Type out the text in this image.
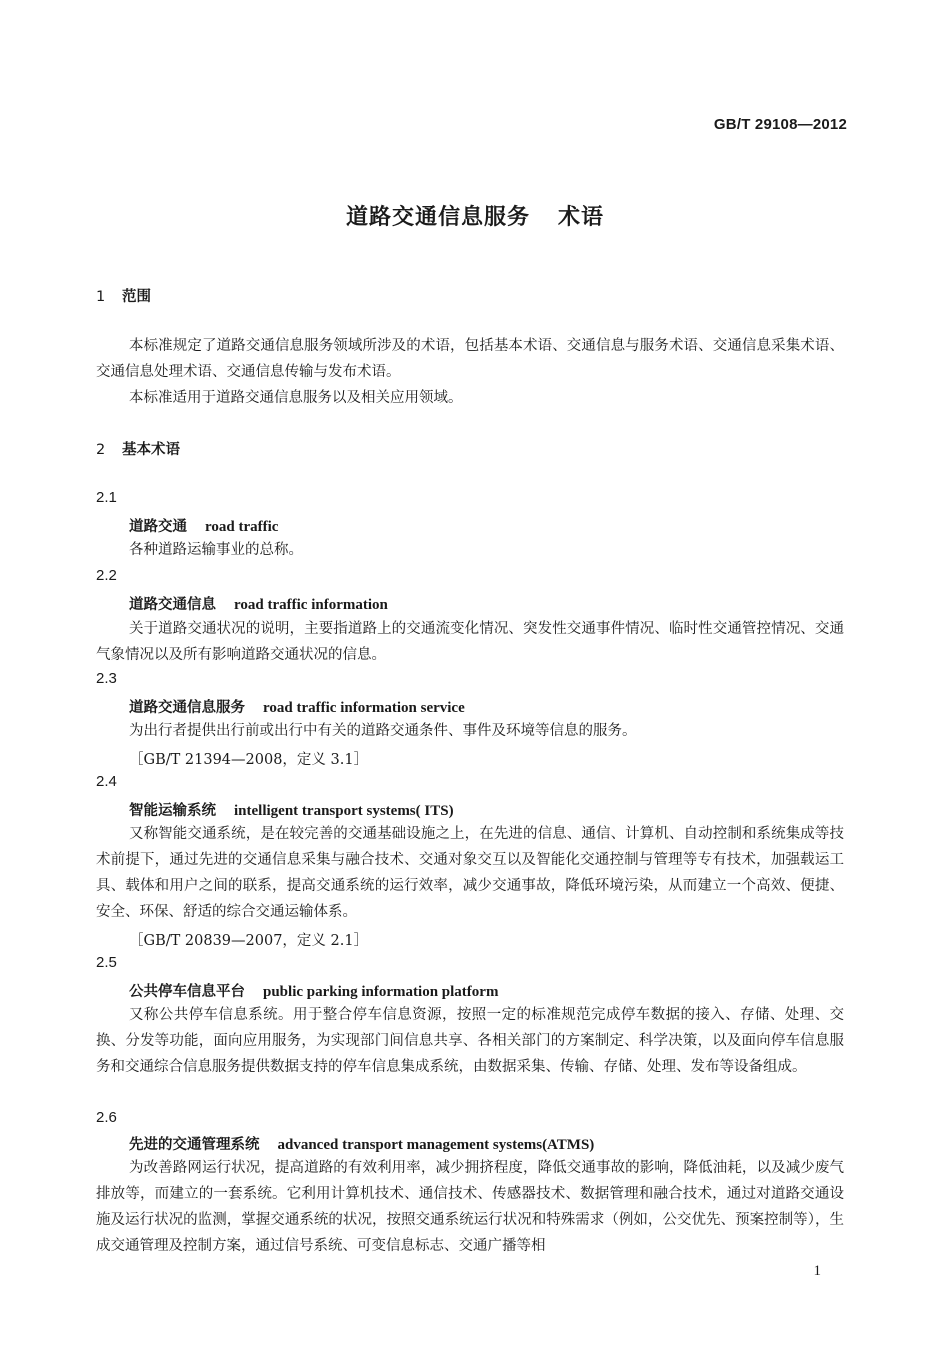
GB/T 29108—2012
道路交通信息服务 术语
1 范围

本标准规定了道路交通信息服务领域所涉及的术语，包括基本术语、交通信息与服务术语、交通信息采集术语、交通信息处理术语、交通信息传输与发布术语。

本标准适用于道路交通信息服务以及相关应用领域。

2 基本术语
2.1
道路交通 road traffic

各种道路运输事业的总称。

2.2
道路交通信息 road traffic information

关于道路交通状况的说明，主要指道路上的交通流变化情况、突发性交通事件情况、临时性交通管控情况、交通气象情况以及所有影响道路交通状况的信息。

2.3
道路交通信息服务 road traffic information service

为出行者提供出行前或出行中有关的道路交通条件、事件及环境等信息的服务。

［GB/T 21394—2008，定义 3.1］
2.4
智能运输系统 intelligent transport systems( ITS)

又称智能交通系统，是在较完善的交通基础设施之上，在先进的信息、通信、计算机、自动控制和系统集成等技术前提下，通过先进的交通信息采集与融合技术、交通对象交互以及智能化交通控制与管理等专有技术，加强载运工具、载体和用户之间的联系，提高交通系统的运行效率，减少交通事故，降低环境污染，从而建立一个高效、便捷、安全、环保、舒适的综合交通运输体系。

［GB/T 20839—2007，定义 2.1］
2.5
公共停车信息平台 public parking information platform

又称公共停车信息系统。用于整合停车信息资源，按照一定的标准规范完成停车数据的接入、存储、处理、交换、分发等功能，面向应用服务，为实现部门间信息共享、各相关部门的方案制定、科学决策，以及面向停车信息服务和交通综合信息服务提供数据支持的停车信息集成系统，由数据采集、传输、存储、处理、发布等设备组成。

2.6
先进的交通管理系统 advanced transport management systems(ATMS)

为改善路网运行状况，提高道路的有效利用率，减少拥挤程度，降低交通事故的影响，降低油耗，以及减少废气排放等，而建立的一套系统。它利用计算机技术、通信技术、传感器技术、数据管理和融合技术，通过对道路交通设施及运行状况的监测，掌握交通系统的状况，按照交通系统运行状况和特殊需求（例如，公交优先、预案控制等），生成交通管理及控制方案，通过信号系统、可变信息标志、交通广播等相

1
